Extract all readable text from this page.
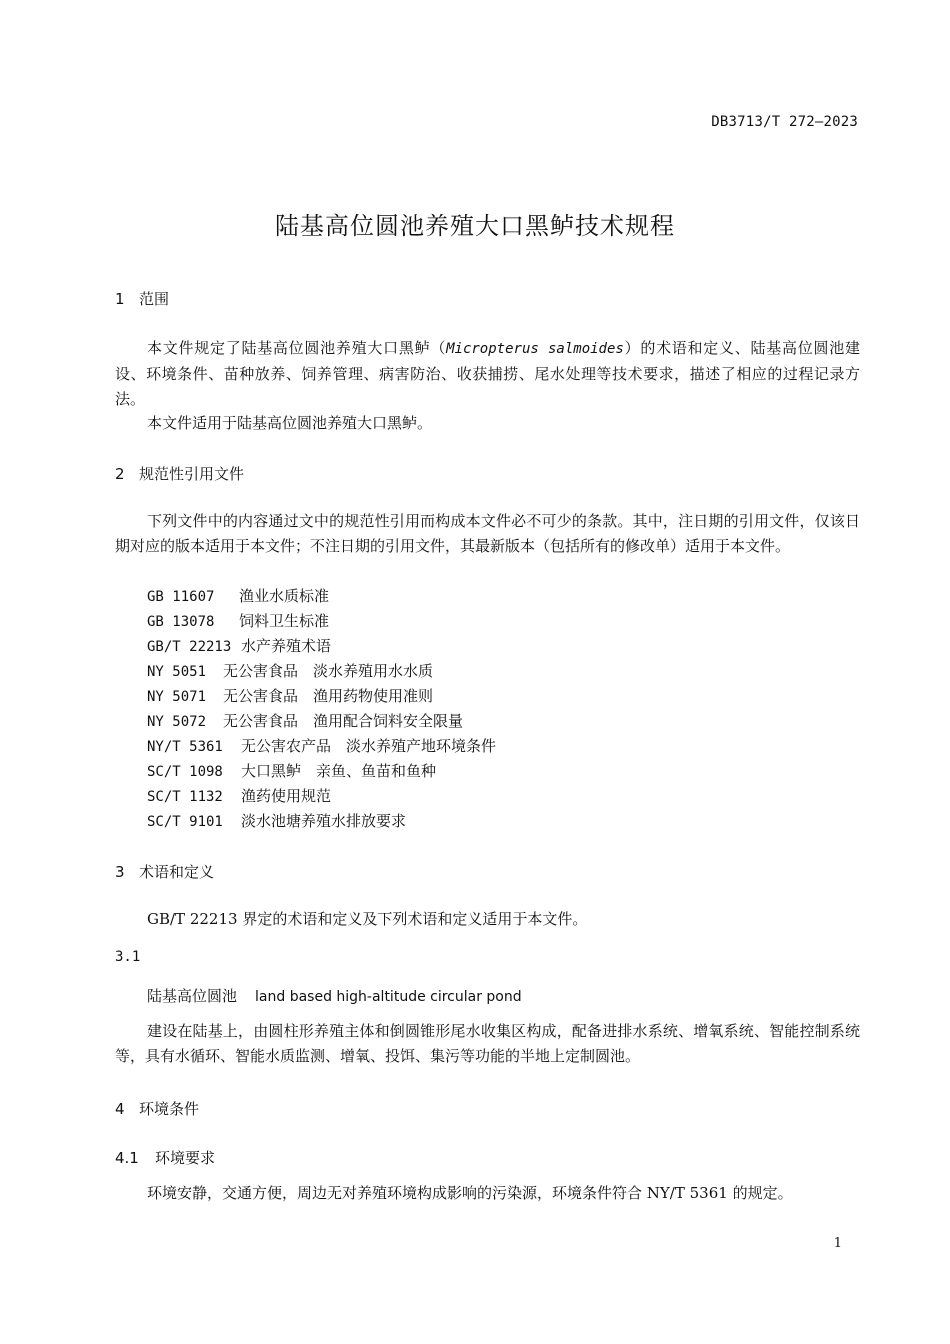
DB3713/T 272—2023
陆基高位圆池养殖大口黑鲈技术规程
1 范围
本文件规定了陆基高位圆池养殖大口黑鲈（Micropterus salmoides）的术语和定义、陆基高位圆池建设、环境条件、苗种放养、饲养管理、病害防治、收获捕捞、尾水处理等技术要求，描述了相应的过程记录方法。
本文件适用于陆基高位圆池养殖大口黑鲈。
2 规范性引用文件
下列文件中的内容通过文中的规范性引用而构成本文件必不可少的条款。其中，注日期的引用文件，仅该日期对应的版本适用于本文件；不注日期的引用文件，其最新版本（包括所有的修改单）适用于本文件。
GB 11607 渔业水质标准
GB 13078 饲料卫生标准
GB/T 22213 水产养殖术语
NY 5051 无公害食品　淡水养殖用水水质
NY 5071 无公害食品　渔用药物使用准则
NY 5072 无公害食品　渔用配合饲料安全限量
NY/T 5361 无公害农产品　淡水养殖产地环境条件
SC/T 1098 大口黑鲈　亲鱼、鱼苗和鱼种
SC/T 1132 渔药使用规范
SC/T 9101 淡水池塘养殖水排放要求
3 术语和定义
GB/T 22213 界定的术语和定义及下列术语和定义适用于本文件。
3.1
陆基高位圆池 land based high-altitude circular pond
建设在陆基上，由圆柱形养殖主体和倒圆锥形尾水收集区构成，配备进排水系统、增氧系统、智能控制系统等，具有水循环、智能水质监测、增氧、投饵、集污等功能的半地上定制圆池。
4 环境条件
4.1 环境要求
环境安静，交通方便，周边无对养殖环境构成影响的污染源，环境条件符合 NY/T 5361 的规定。
1
